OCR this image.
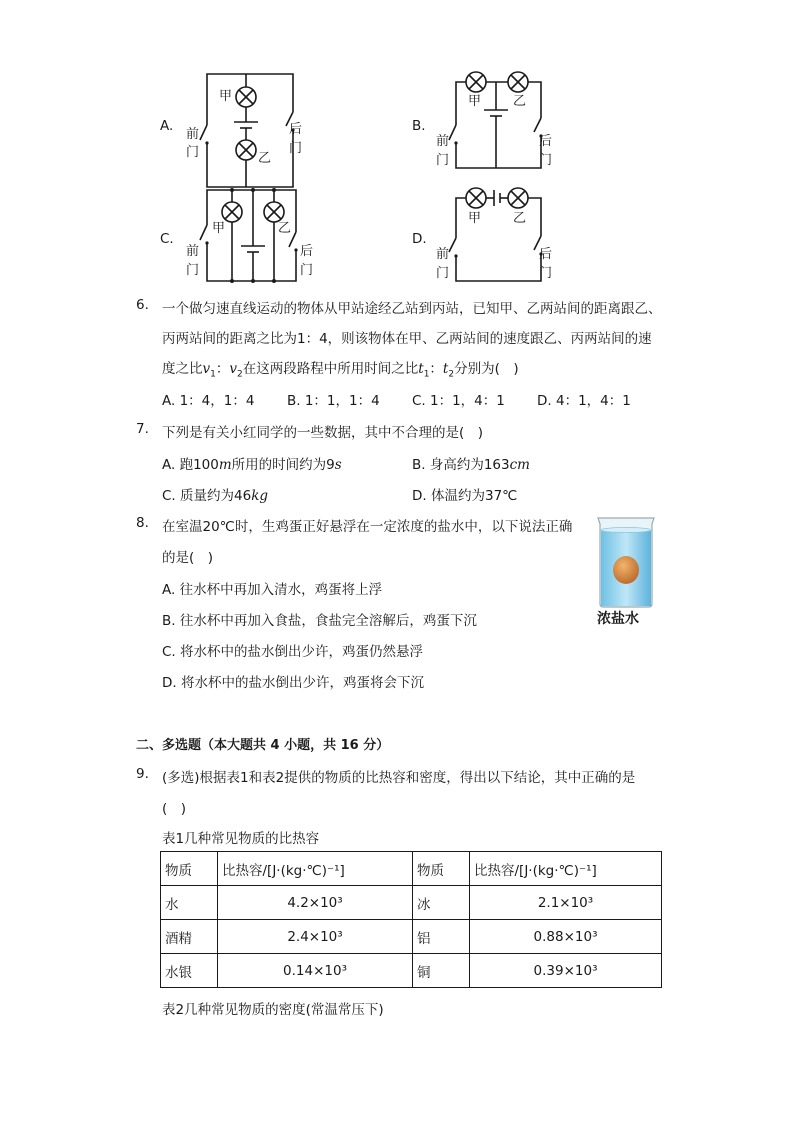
A.
甲
乙
前
门
后
门
B.
甲 乙
前
门
后
门
C.
甲	乙
前
门
后
门
D.
甲 乙
前
门
后
门
6. 一个做匀速直线运动的物体从甲站途经乙站到丙站，已知甲、乙两站间的距离跟乙、
丙两站间的距离之比为1：4，则该物体在甲、乙两站间的速度跟乙、丙两站间的速
度之比$v_1$：$v_2$在这两段路程中所用时间之比$t_1$：$t_2$分别为(　)
A. 1：4，1：4 B. 1：1，1：4 C. 1：1，4：1 D. 4：1，4：1
7. 下列是有关小红同学的一些数据，其中不合理的是(　)
A. 跑100m所用的时间约为9s	B. 身高约为163cm
C. 质量约为46kg	D. 体温约为37℃
8. 在室温20℃时，生鸡蛋正好悬浮在一定浓度的盐水中，以下说法正确
的是(　)
A. 往水杯中再加入清水，鸡蛋将上浮
B. 往水杯中再加入食盐，食盐完全溶解后，鸡蛋下沉
C. 将水杯中的盐水倒出少许，鸡蛋仍然悬浮
D. 将水杯中的盐水倒出少许，鸡蛋将会下沉
浓盐水
二、多选题（本大题共 4 小题，共 16 分）
9. (多选)根据表1和表2提供的物质的比热容和密度，得出以下结论，其中正确的是
(　)
表1几种常见物质的比热容
物质	比热容/[J·(kg·℃)⁻¹]	物质	比热容/[J·(kg·℃)⁻¹]
水	4.2×10³	冰	2.1×10³
酒精	2.4×10³	铝	0.88×10³
水银	0.14×10³	铜	0.39×10³
表2几种常见物质的密度(常温常压下)
